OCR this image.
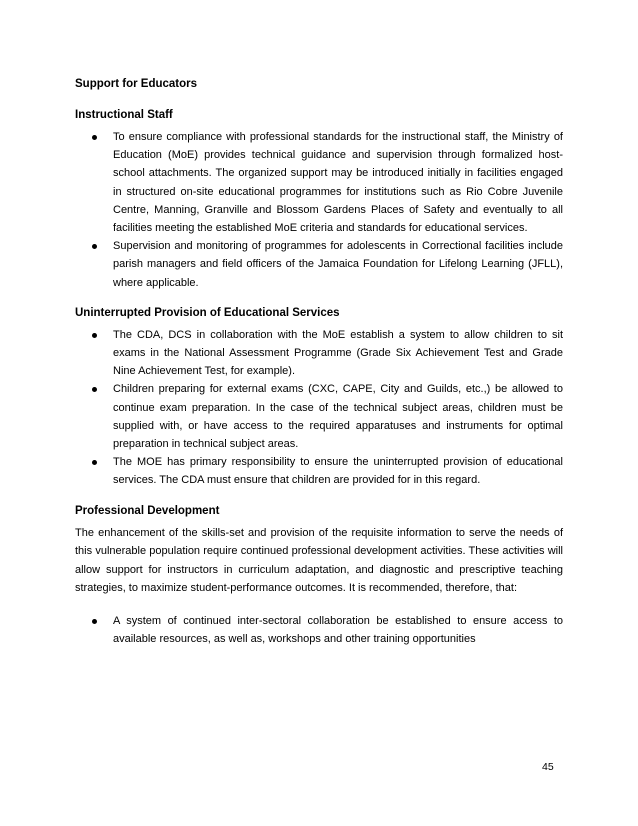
Support for Educators
Instructional Staff
To ensure compliance with professional standards for the instructional staff, the Ministry of Education (MoE) provides technical guidance and supervision through formalized host-school attachments. The organized support may be introduced initially in facilities engaged in structured on-site educational programmes for institutions such as Rio Cobre Juvenile Centre, Manning, Granville and Blossom Gardens Places of Safety and eventually to all facilities meeting the established MoE criteria and standards for educational services.
Supervision and monitoring of programmes for adolescents in Correctional facilities include parish managers and field officers of the Jamaica Foundation for Lifelong Learning (JFLL), where applicable.
Uninterrupted Provision of Educational Services
The CDA, DCS in collaboration with the MoE establish a system to allow children to sit exams in the National Assessment Programme (Grade Six Achievement Test and Grade Nine Achievement Test, for example).
Children preparing for external exams (CXC, CAPE, City and Guilds, etc.,) be allowed to continue exam preparation. In the case of the technical subject areas, children must be supplied with, or have access to the required apparatuses and instruments for optimal preparation in technical subject areas.
The MOE has primary responsibility to ensure the uninterrupted provision of educational services. The CDA must ensure that children are provided for in this regard.
Professional Development

The enhancement of the skills-set and provision of the requisite information to serve the needs of this vulnerable population require continued professional development activities. These activities will allow support for instructors in curriculum adaptation, and diagnostic and prescriptive teaching strategies, to maximize student-performance outcomes. It is recommended, therefore, that:

A system of continued inter-sectoral collaboration be established to ensure access to available resources, as well as, workshops and other training opportunities
45
